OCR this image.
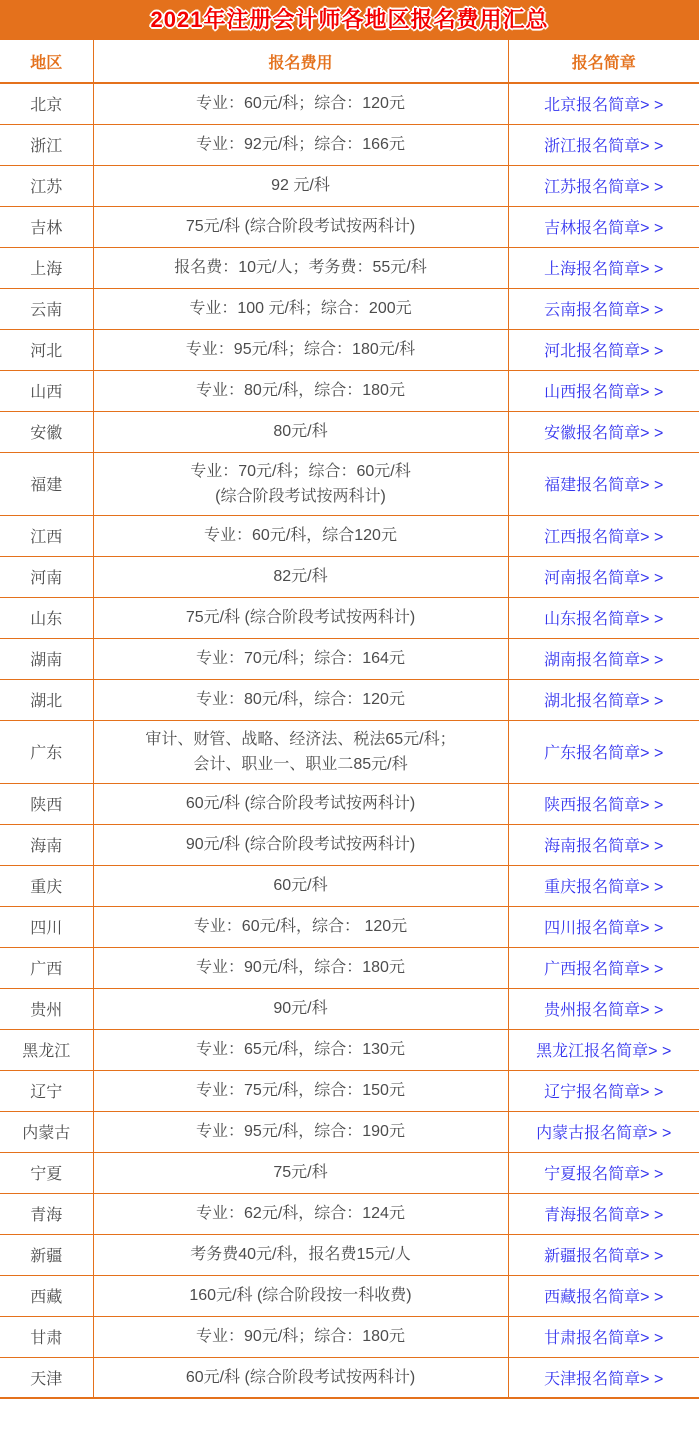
2021年注册会计师各地区报名费用汇总
地区	报名费用	报名简章
北京	专业：60元/科；综合：120元	北京报名简章> >
浙江	专业：92元/科；综合：166元	浙江报名简章> >
江苏	92 元/科	江苏报名简章> >
吉林	75元/科 (综合阶段考试按两科计)	吉林报名简章> >
上海	报名费：10元/人；考务费：55元/科	上海报名简章> >
云南	专业：100 元/科；综合：200元	云南报名简章> >
河北	专业：95元/科；综合：180元/科	河北报名简章> >
山西	专业：80元/科，综合：180元	山西报名简章> >
安徽	80元/科	安徽报名简章> >
福建	专业：70元/科；综合：60元/科
(综合阶段考试按两科计)	福建报名简章> >
江西	专业：60元/科，综合120元	江西报名简章> >
河南	82元/科	河南报名简章> >
山东	75元/科 (综合阶段考试按两科计)	山东报名简章> >
湖南	专业：70元/科；综合：164元	湖南报名简章> >
湖北	专业：80元/科，综合：120元	湖北报名简章> >
广东	审计、财管、战略、经济法、税法65元/科；
会计、职业一、职业二85元/科	广东报名简章> >
陕西	60元/科 (综合阶段考试按两科计)	陕西报名简章> >
海南	90元/科 (综合阶段考试按两科计)	海南报名简章> >
重庆	60元/科	重庆报名简章> >
四川	专业：60元/科，综合： 120元	四川报名简章> >
广西	专业：90元/科，综合：180元	广西报名简章> >
贵州	90元/科	贵州报名简章> >
黑龙江	专业：65元/科，综合：130元	黑龙江报名简章> >
辽宁	专业：75元/科，综合：150元	辽宁报名简章> >
内蒙古	专业：95元/科，综合：190元	内蒙古报名简章> >
宁夏	75元/科	宁夏报名简章> >
青海	专业：62元/科，综合：124元	青海报名简章> >
新疆	考务费40元/科，报名费15元/人	新疆报名简章> >
西藏	160元/科 (综合阶段按一科收费)	西藏报名简章> >
甘肃	专业：90元/科；综合：180元	甘肃报名简章> >
天津	60元/科 (综合阶段考试按两科计)	天津报名简章> >
